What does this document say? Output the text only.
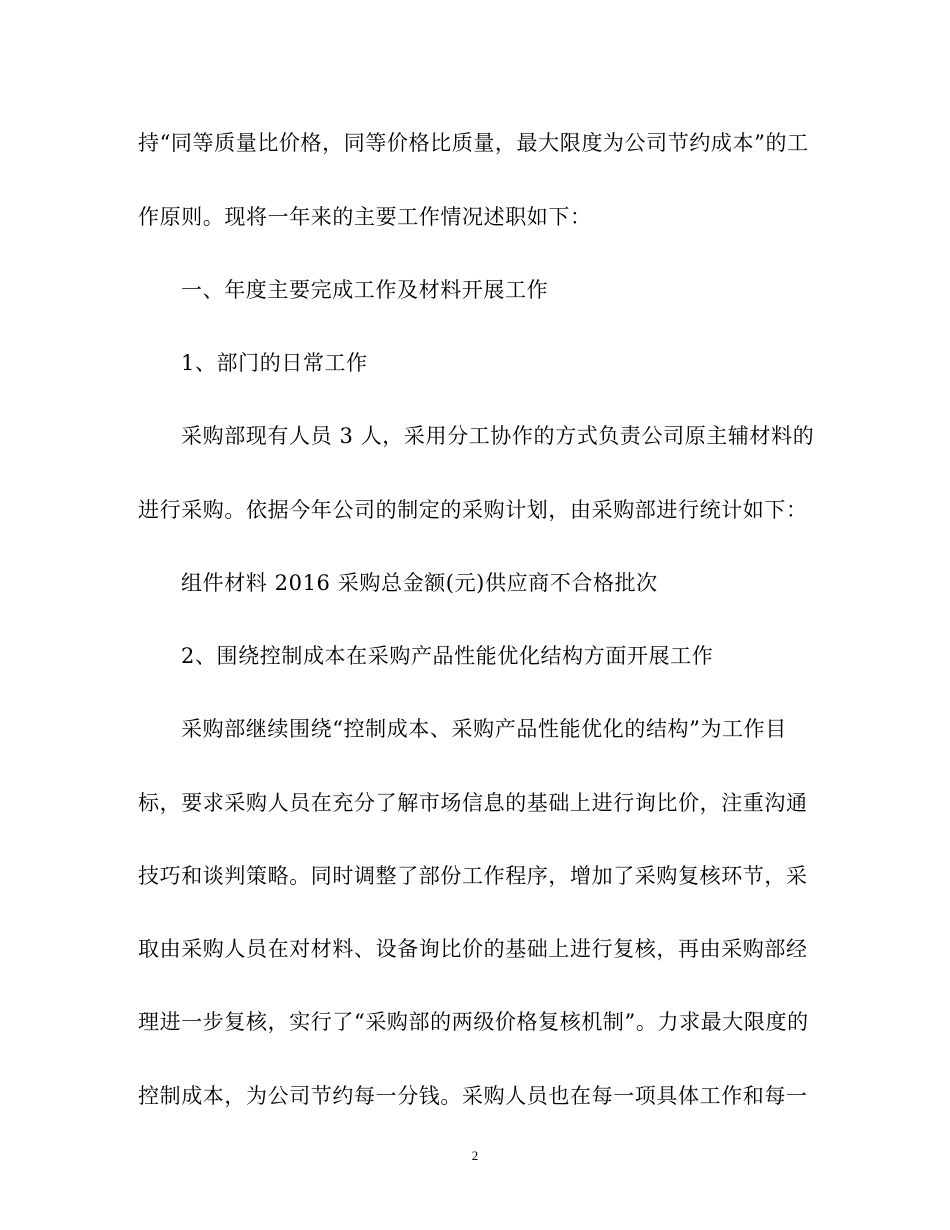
持“同等质量比价格，同等价格比质量，最大限度为公司节约成本”的工
作原则。现将一年来的主要工作情况述职如下：
一、年度主要完成工作及材料开展工作
1、部门的日常工作
采购部现有人员 3 人，采用分工协作的方式负责公司原主辅材料的
进行采购。依据今年公司的制定的采购计划，由采购部进行统计如下：
组件材料 2016 采购总金额(元)供应商不合格批次
2、围绕控制成本在采购产品性能优化结构方面开展工作
采购部继续围绕“控制成本、采购产品性能优化的结构”为工作目
标，要求采购人员在充分了解市场信息的基础上进行询比价，注重沟通
技巧和谈判策略。同时调整了部份工作程序，增加了采购复核环节，采
取由采购人员在对材料、设备询比价的基础上进行复核，再由采购部经
理进一步复核，实行了“采购部的两级价格复核机制”。力求最大限度的
控制成本，为公司节约每一分钱。采购人员也在每一项具体工作和每一
2
